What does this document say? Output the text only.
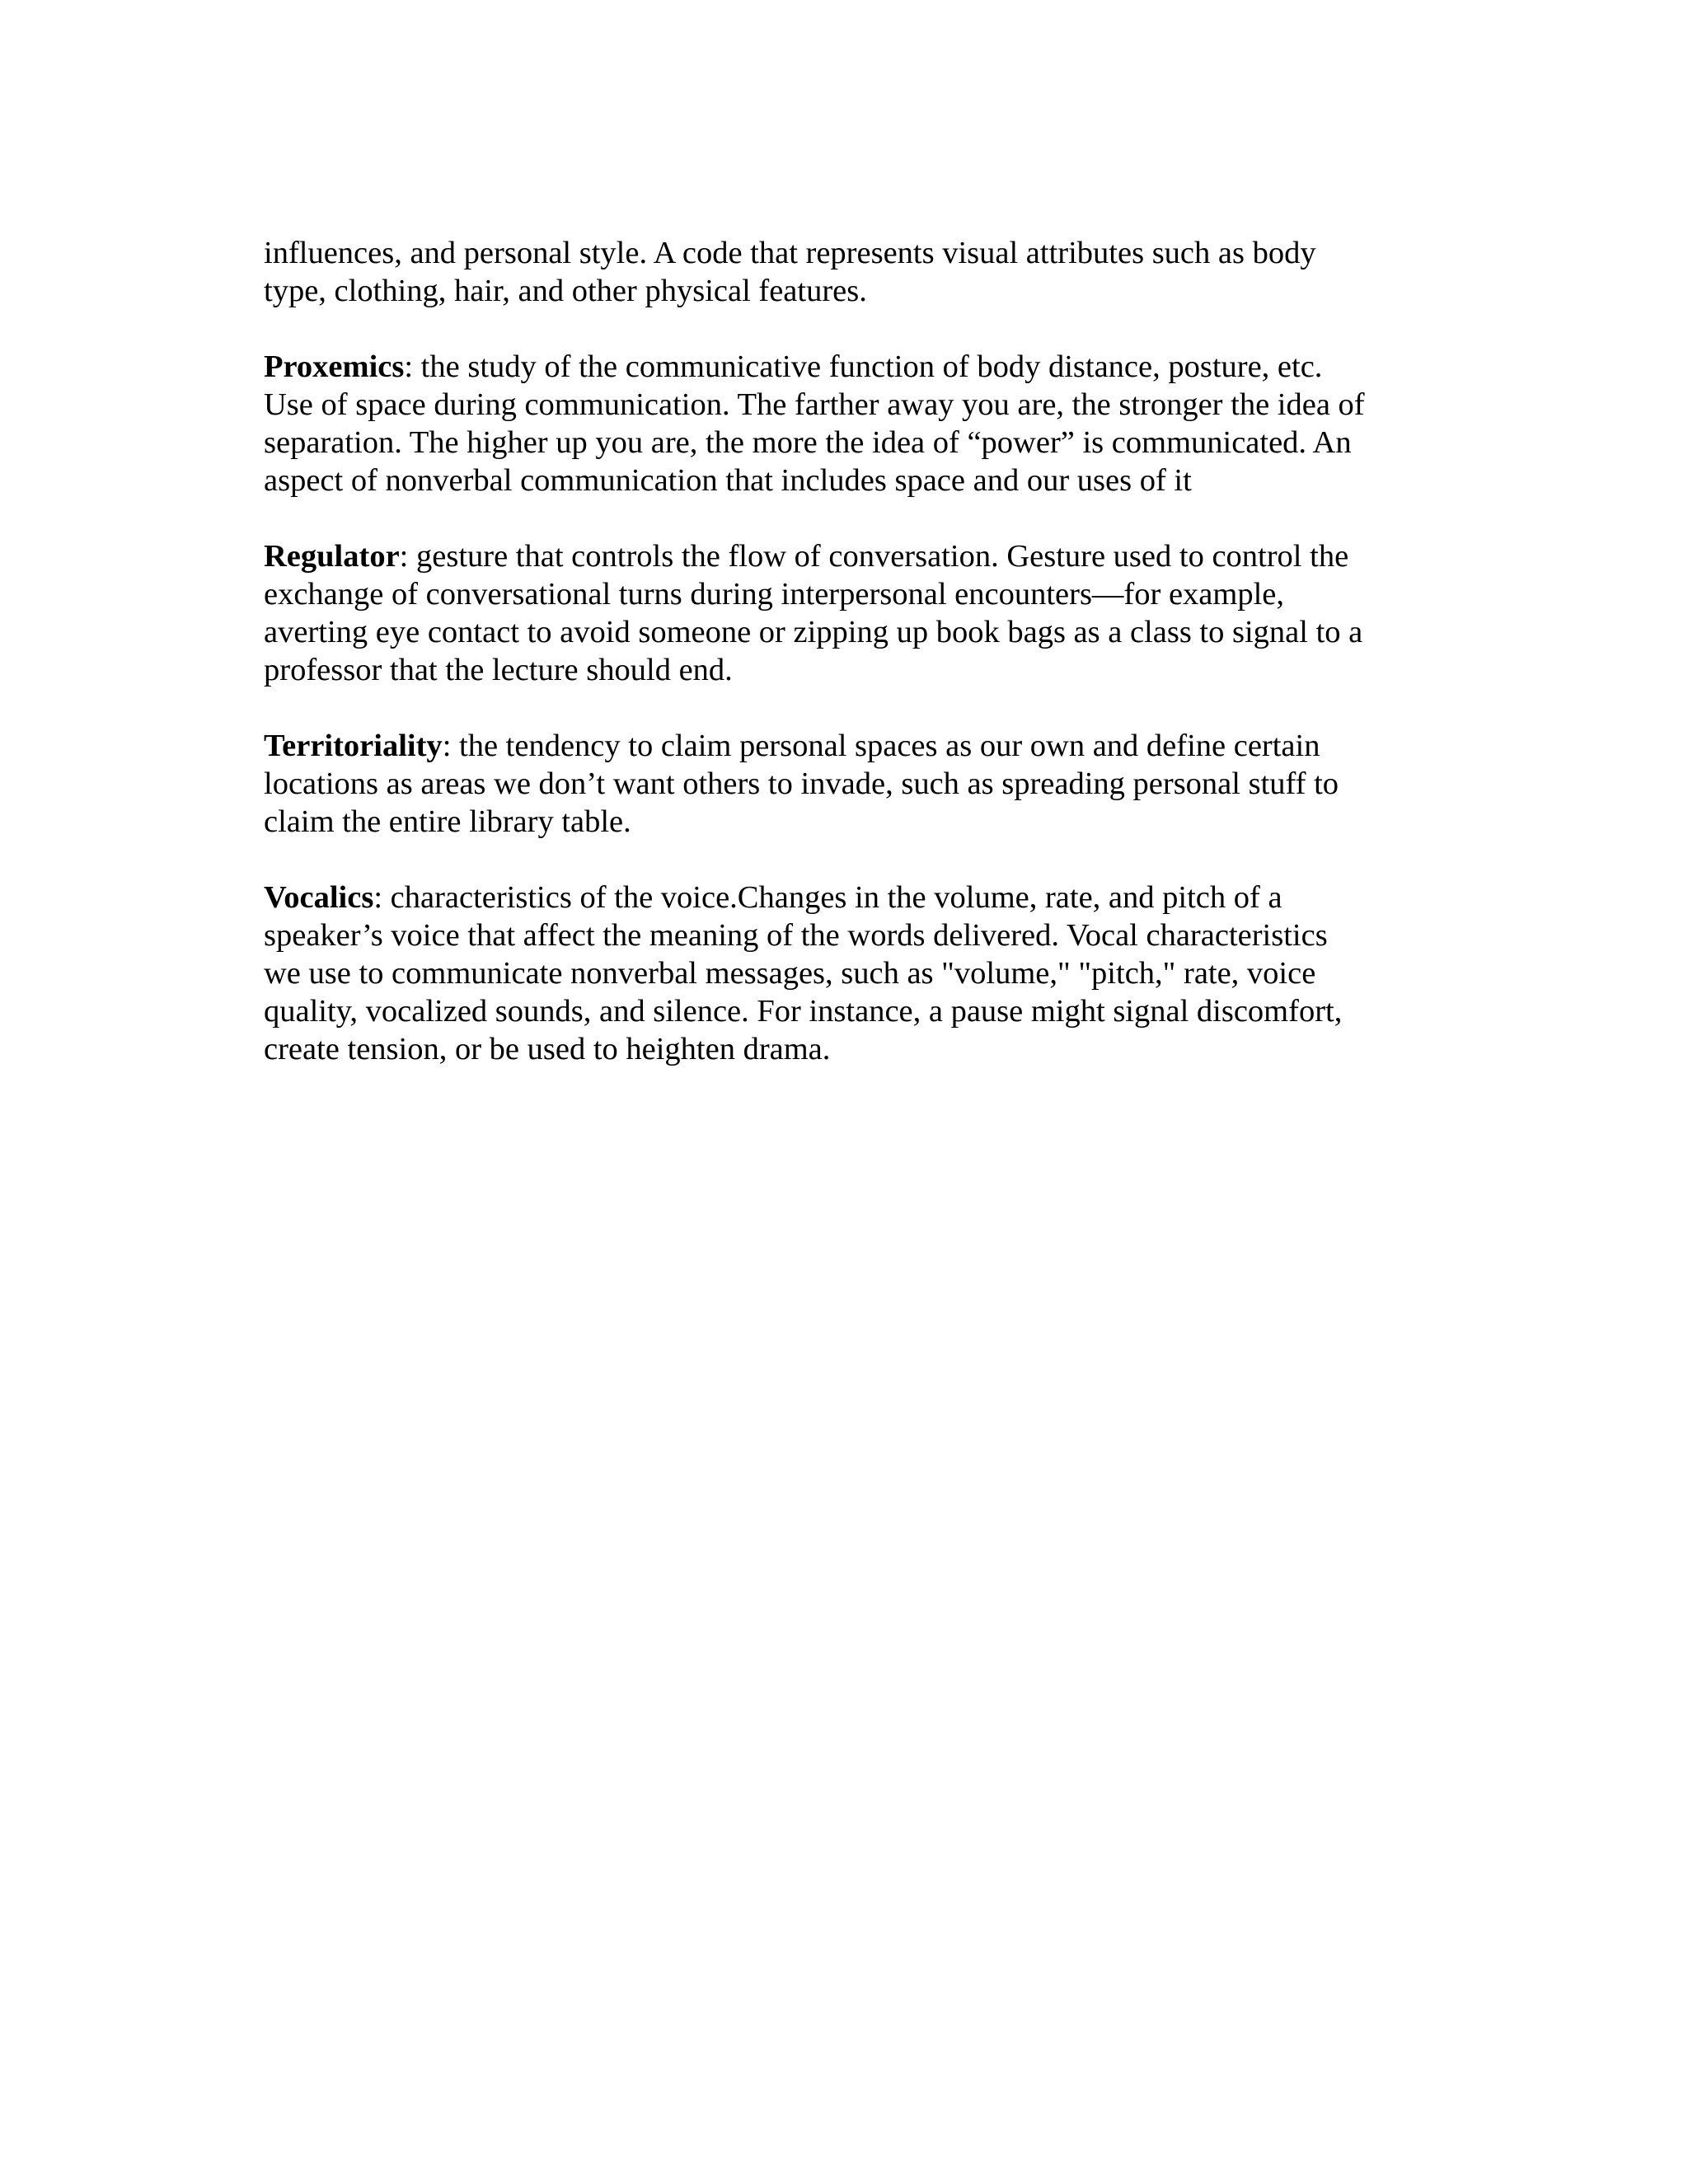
influences, and personal style. A code that represents visual attributes such as body
type, clothing, hair, and other physical features.

Proxemics: the study of the communicative function of body distance, posture, etc.
Use of space during communication. The farther away you are, the stronger the idea of
separation. The higher up you are, the more the idea of “power” is communicated. An
aspect of nonverbal communication that includes space and our uses of it

Regulator: gesture that controls the flow of conversation. Gesture used to control the
exchange of conversational turns during interpersonal encounters—for example,
averting eye contact to avoid someone or zipping up book bags as a class to signal to a
professor that the lecture should end.

Territoriality: the tendency to claim personal spaces as our own and define certain
locations as areas we don’t want others to invade, such as spreading personal stuff to
claim the entire library table.

Vocalics: characteristics of the voice.Changes in the volume, rate, and pitch of a
speaker’s voice that affect the meaning of the words delivered. Vocal characteristics
we use to communicate nonverbal messages, such as "volume," "pitch," rate, voice
quality, vocalized sounds, and silence. For instance, a pause might signal discomfort,
create tension, or be used to heighten drama.
